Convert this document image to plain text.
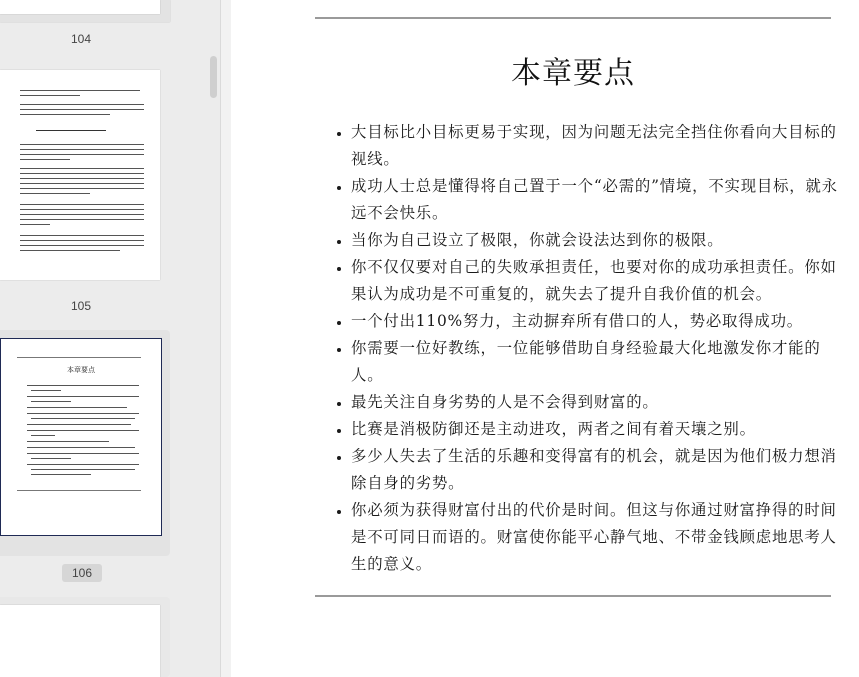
104
105
本章要点
106
本章要点
• 大目标比小目标更易于实现，因为问题无法完全挡住你看向大目标的视线。
• 成功人士总是懂得将自己置于一个“必需的”情境，不实现目标，就永远不会快乐。
• 当你为自己设立了极限，你就会设法达到你的极限。
• 你不仅仅要对自己的失败承担责任，也要对你的成功承担责任。你如果认为成功是不可重复的，就失去了提升自我价值的机会。
• 一个付出110%努力，主动摒弃所有借口的人，势必取得成功。
• 你需要一位好教练，一位能够借助自身经验最大化地激发你才能的人。
• 最先关注自身劣势的人是不会得到财富的。
• 比赛是消极防御还是主动进攻，两者之间有着天壤之别。
• 多少人失去了生活的乐趣和变得富有的机会，就是因为他们极力想消除自身的劣势。
• 你必须为获得财富付出的代价是时间。但这与你通过财富挣得的时间是不可同日而语的。财富使你能平心静气地、不带金钱顾虑地思考人生的意义。
